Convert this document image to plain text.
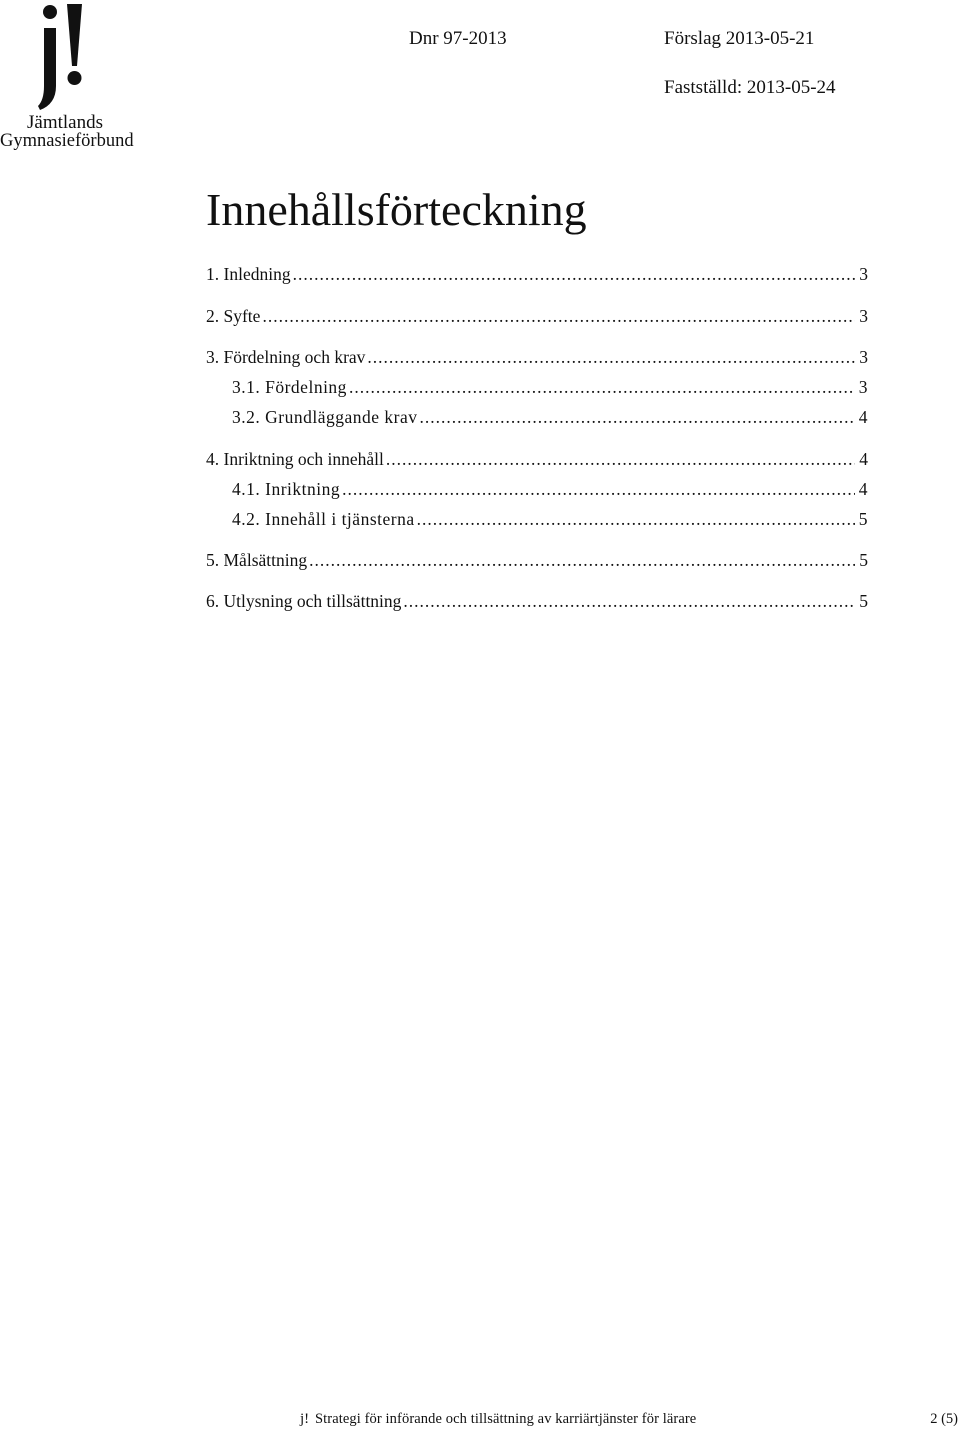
Jämtlands
Gymnasieförbund
Dnr 97-2013	Förslag 2013-05-21
Fastställd: 2013-05-24
Innehållsförteckning
1. Inledning .....	3
2. Syfte .....	3
3. Fördelning och krav .....	3
3.1. Fördelning .....	3
3.2. Grundläggande krav .....	4
4. Inriktning och innehåll .....	4
4.1. Inriktning .....	4
4.2. Innehåll i tjänsterna .....	5
5. Målsättning .....	5
6. Utlysning och tillsättning .....	5
j! Strategi för införande och tillsättning av karriärtjänster för lärare	2 (5)
